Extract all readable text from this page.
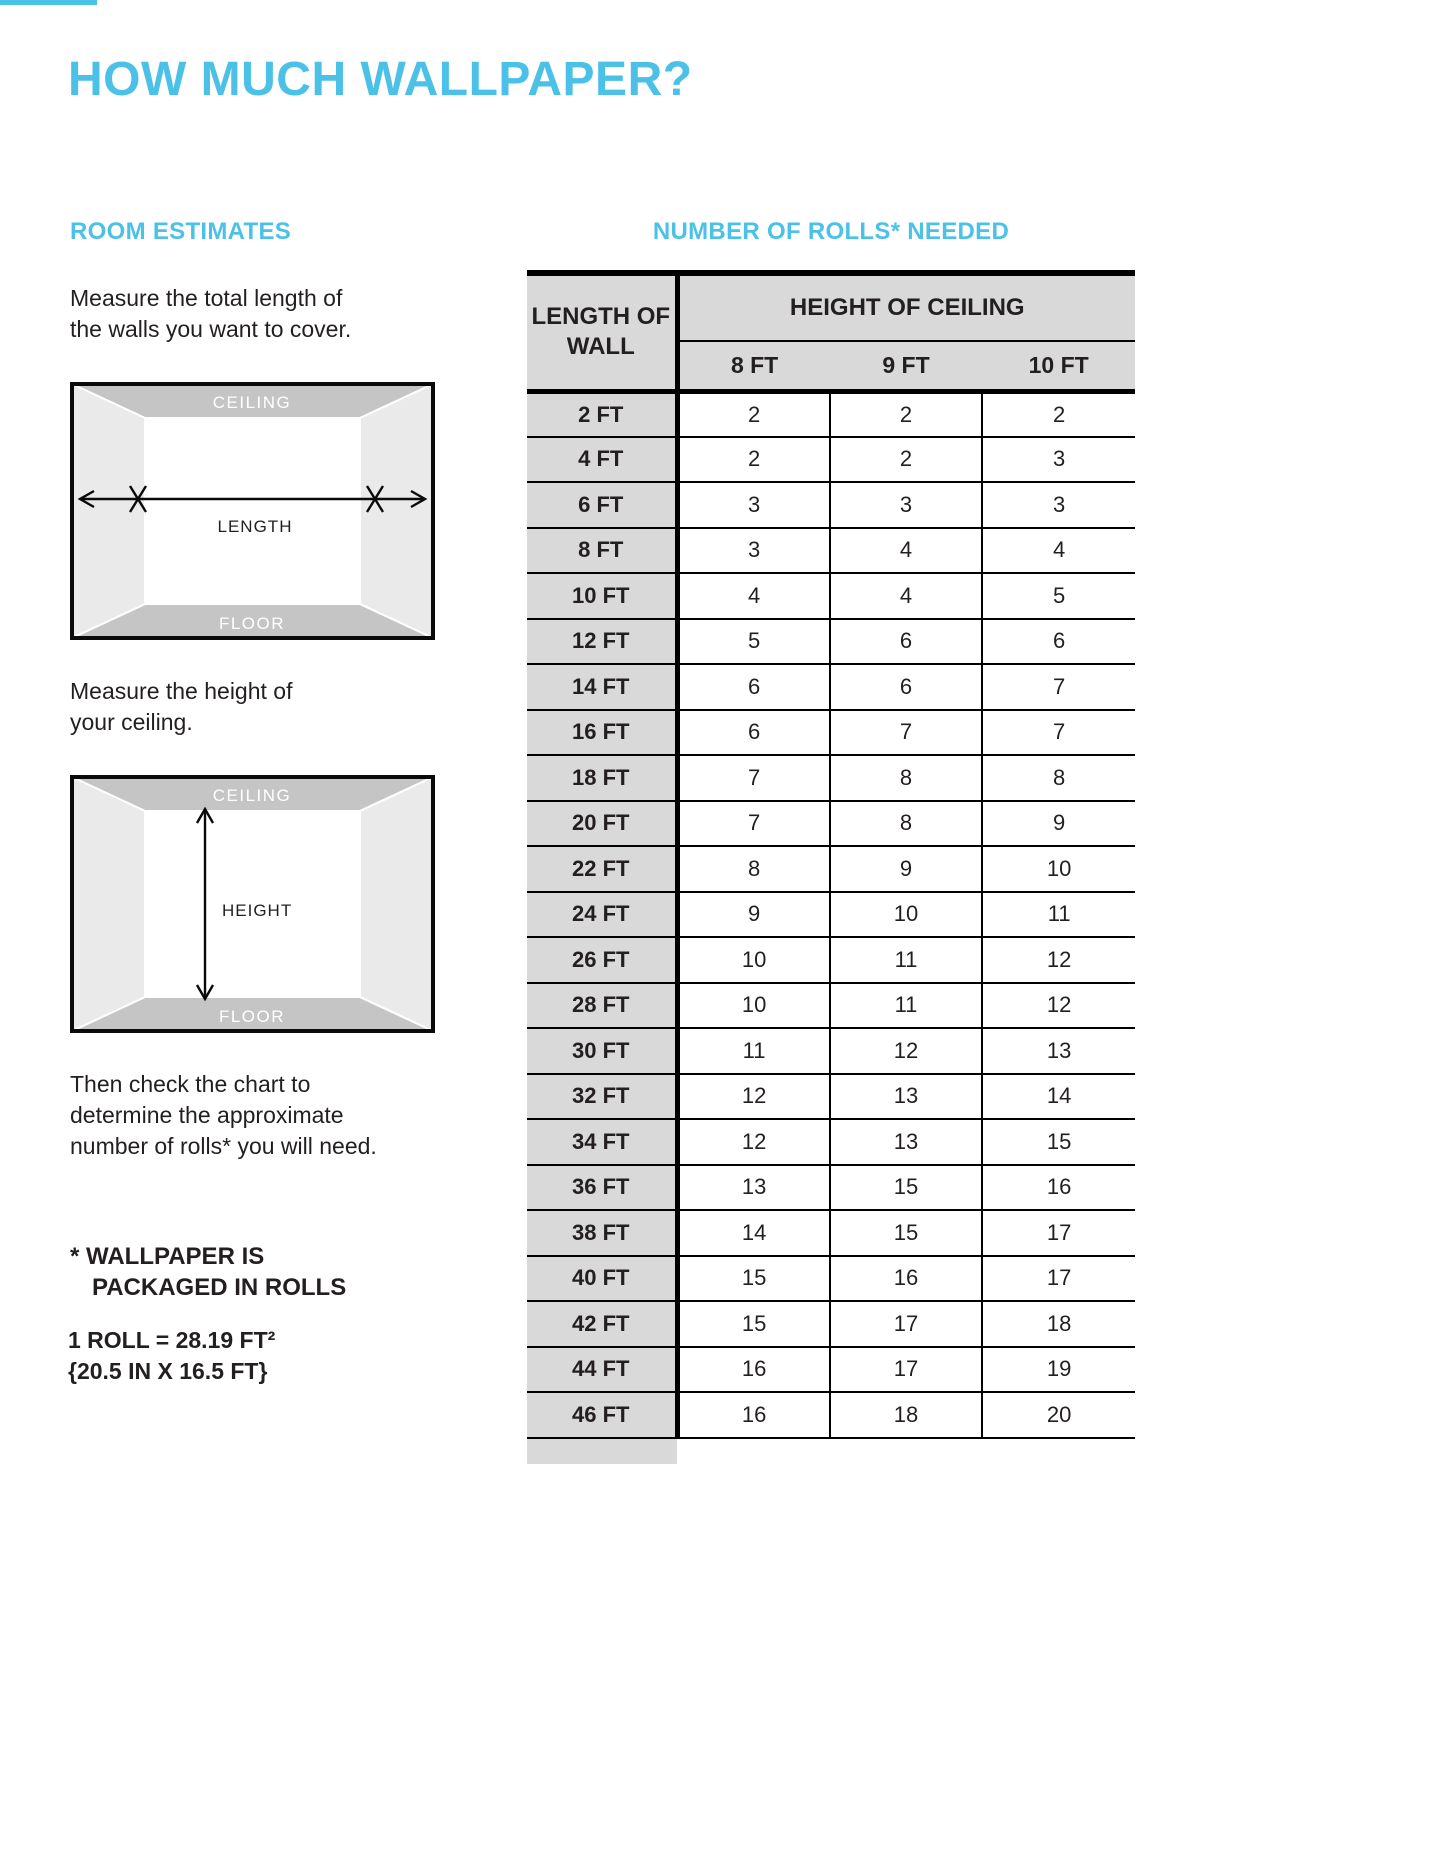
HOW MUCH WALLPAPER?
ROOM ESTIMATES	NUMBER OF ROLLS* NEEDED

Measure the total length of
the walls you want to cover.

CEILING
FLOOR
LENGTH

Measure the height of
your ceiling.

CEILING
FLOOR
HEIGHT

Then check the chart to
determine the approximate
number of rolls* you will need.

* WALLPAPER IS
PACKAGED IN ROLLS

1 ROLL = 28.19 FT²
{20.5 IN X 16.5 FT}

LENGTH OF WALL	HEIGHT OF CEILING		
	8 FT	9 FT	10 FT
2 FT	2	2	2
4 FT	2	2	3
6 FT	3	3	3
8 FT	3	4	4
10 FT	4	4	5
12 FT	5	6	6
14 FT	6	6	7
16 FT	6	7	7
18 FT	7	8	8
20 FT	7	8	9
22 FT	8	9	10
24 FT	9	10	11
26 FT	10	11	12
28 FT	10	11	12
30 FT	11	12	13
32 FT	12	13	14
34 FT	12	13	15
36 FT	13	15	16
38 FT	14	15	17
40 FT	15	16	17
42 FT	15	17	18
44 FT	16	17	19
46 FT	16	18	20
